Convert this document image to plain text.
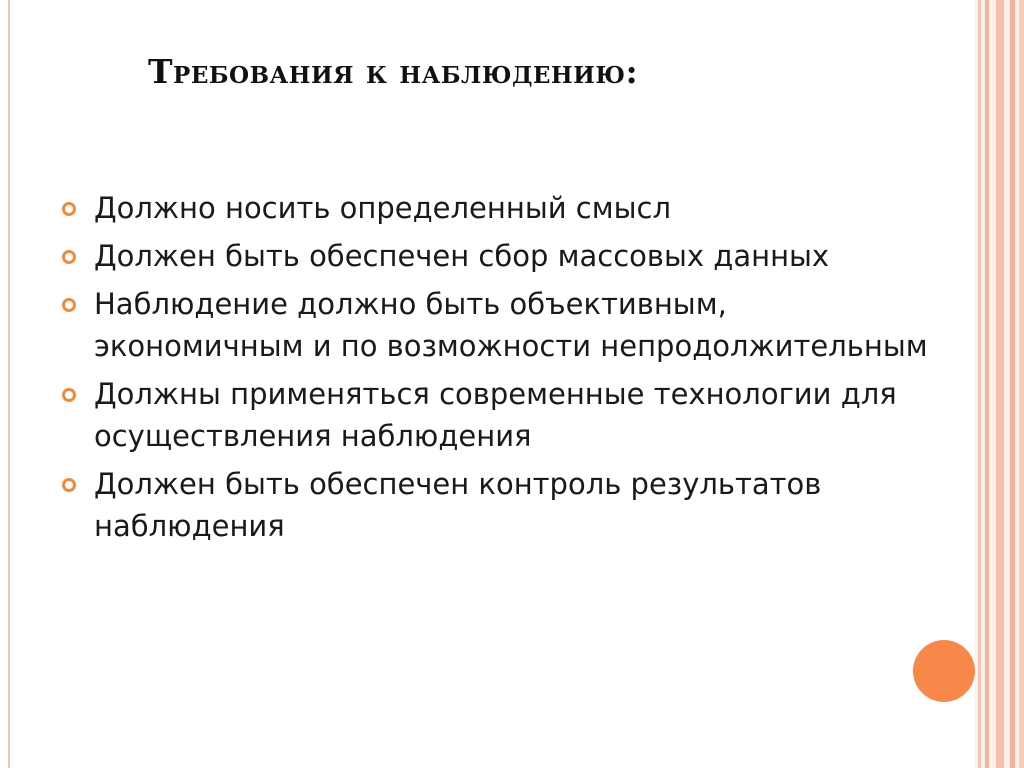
Требования к наблюдению:
Должно носить определенный смысл
Должен быть обеспечен сбор массовых данных
Наблюдение должно быть объективным, экономичным и по возможности непродолжительным
Должны применяться современные технологии для осуществления наблюдения
Должен быть обеспечен контроль результатов наблюдения
